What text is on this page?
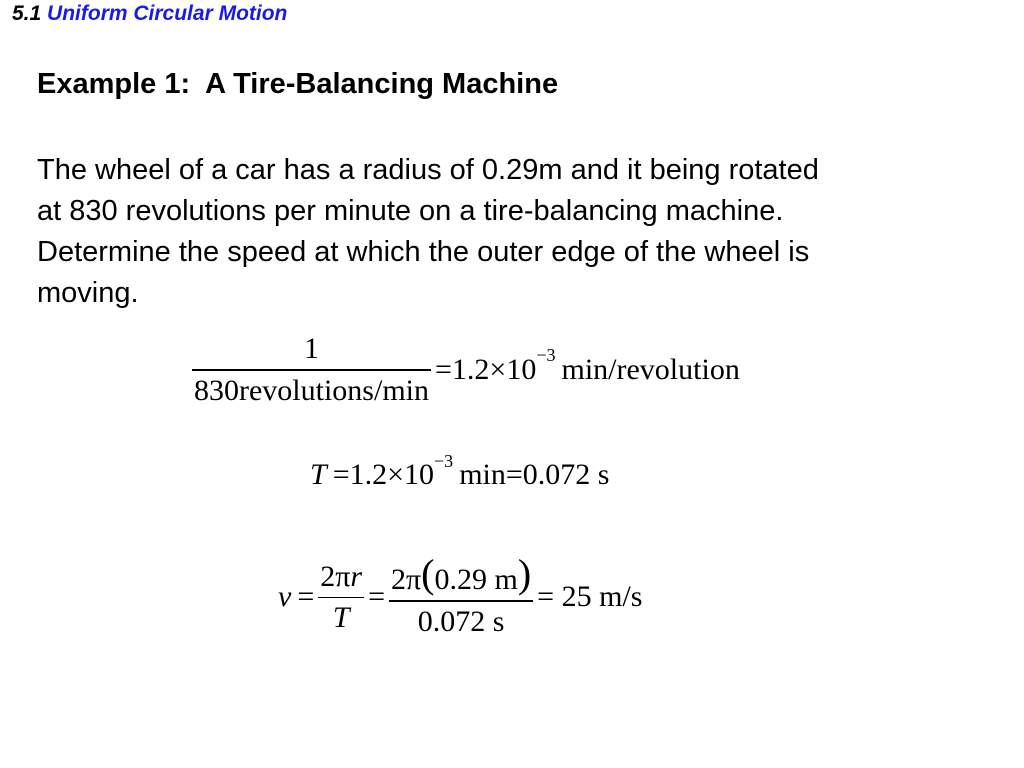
5.1 Uniform Circular Motion
Example 1:  A Tire-Balancing Machine
The wheel of a car has a radius of 0.29m and it being rotated
at 830 revolutions per minute on a tire-balancing machine.
Determine the speed at which the outer edge of the wheel is
moving.
$\frac{1}{\text{830revolutions/min}} =1.2\times 10 -3$ min/revolution
T =1.2×10 −3 min =0.072 s
$v = \frac{2\pi r}{T} = \frac{2\pi(0.29 m)}{0.072 s} = 25$ m/s
